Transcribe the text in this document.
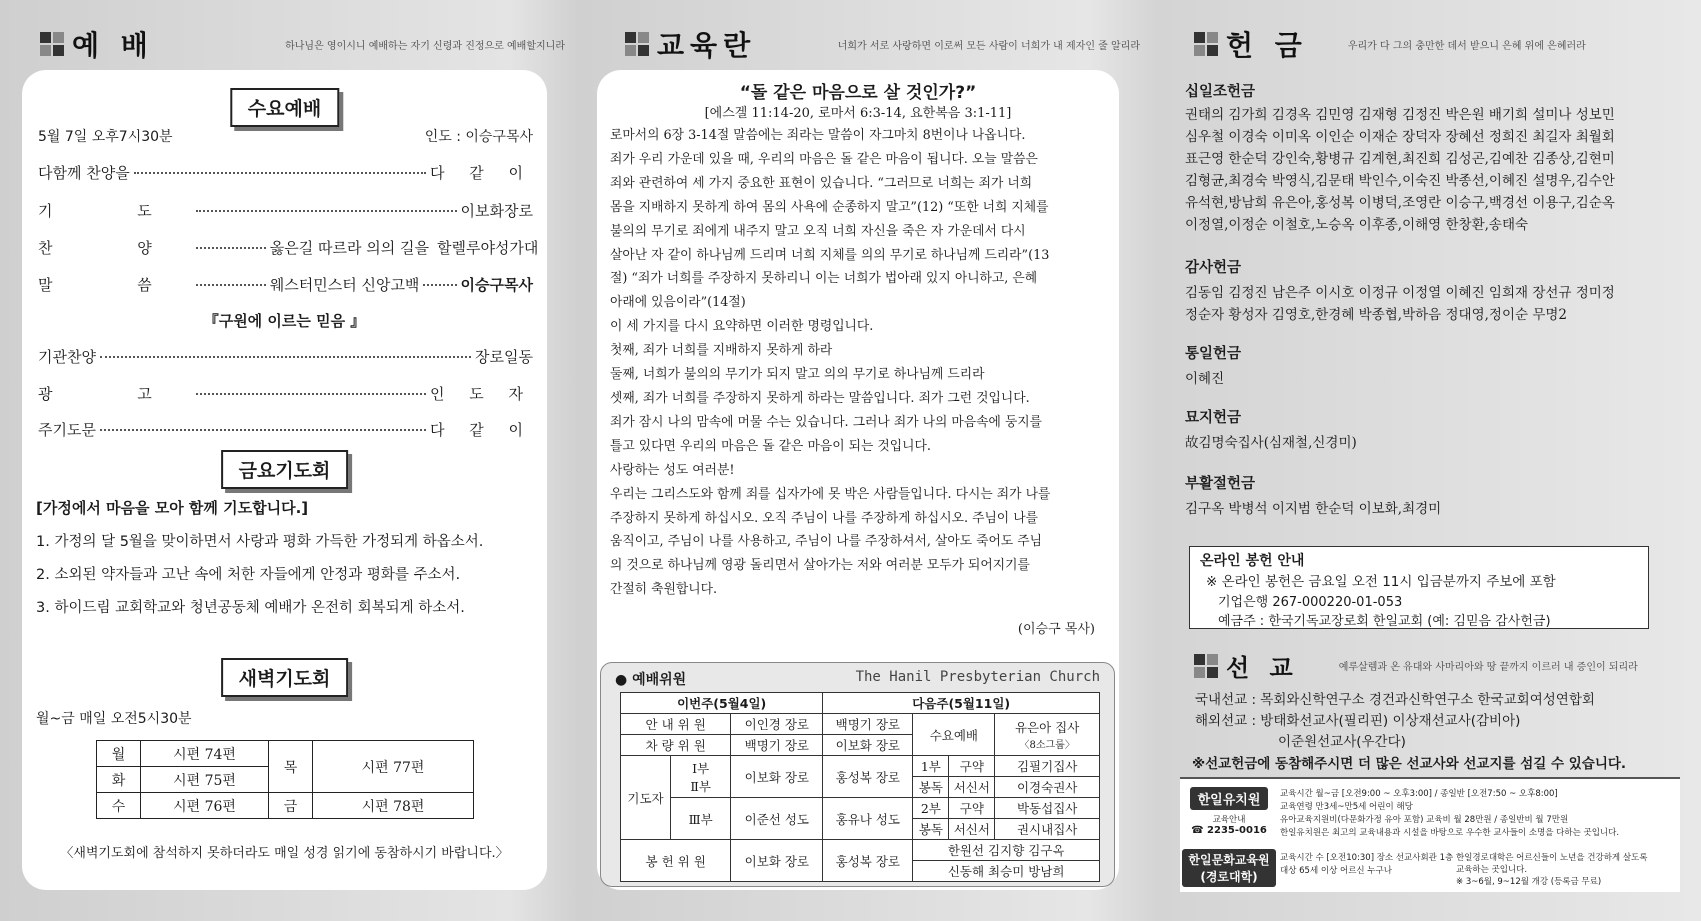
예 배	하나님은 영이시니 예배하는 자기 신령과 진정으로 예배할지니라
수요예배
5월 7일 오후7시30분	인도 : 이승구목사
다함께 찬양을	다 같 이
기 도	이보화장로
찬 양	옳은길 따르라 의의 길을 할렐루야성가대
말 씀	웨스터민스터 신앙고백	이승구목사
『구원에 이르는 믿음 』
기관찬양	장로일동
광 고	인 도 자
주기도문	다 같 이
금요기도회
[가정에서 마음을 모아 함께 기도합니다.]
1. 가정의 달 5월을 맞이하면서 사랑과 평화 가득한 가정되게 하옵소서.
2. 소외된 약자들과 고난 속에 처한 자들에게 안정과 평화를 주소서.
3. 하이드림 교회학교와 청년공동체 예배가 온전히 회복되게 하소서.
새벽기도회
월~금 매일 오전5시30분
월	시편 74편	목	시편 77편
화	시편 75편		
수	시편 76편	금	시편 78편
〈새벽기도회에 참석하지 못하더라도 매일 성경 읽기에 동참하시기 바랍니다.〉
교육란	너희가 서로 사랑하면 이로써 모든 사람이 너희가 내 제자인 줄 알리라
“돌 같은 마음으로 살 것인가?”
[에스겔 11:14-20, 로마서 6:3-14, 요한복음 3:1-11]

로마서의 6장 3-14절 말씀에는 죄라는 말씀이 자그마치 8번이나 나옵니다.

죄가 우리 가운데 있을 때, 우리의 마음은 돌 같은 마음이 됩니다. 오늘 말씀은

죄와 관련하여 세 가지 중요한 표현이 있습니다. “그러므로 너희는 죄가 너희

몸을 지배하지 못하게 하여 몸의 사욕에 순종하지 말고”(12) “또한 너희 지체를

불의의 무기로 죄에게 내주지 말고 오직 너희 자신을 죽은 자 가운데서 다시

살아난 자 같이 하나님께 드리며 너희 지체를 의의 무기로 하나님께 드리라”(13

절) “죄가 너희를 주장하지 못하리니 이는 너희가 법아래 있지 아니하고, 은혜

아래에 있음이라”(14절)

이 세 가지를 다시 요약하면 이러한 명령입니다.

첫째, 죄가 너희를 지배하지 못하게 하라

둘째, 너희가 불의의 무기가 되지 말고 의의 무기로 하나님께 드리라

셋째, 죄가 너희를 주장하지 못하게 하라는 말씀입니다. 죄가 그런 것입니다.

죄가 잠시 나의 맘속에 머물 수는 있습니다. 그러나 죄가 나의 마음속에 둥지를

틀고 있다면 우리의 마음은 돌 같은 마음이 되는 것입니다.

사랑하는 성도 여러분!

우리는 그리스도와 함께 죄를 십자가에 못 박은 사람들입니다. 다시는 죄가 나를

주장하지 못하게 하십시오. 오직 주님이 나를 주장하게 하십시오. 주님이 나를

움직이고, 주님이 나를 사용하고, 주님이 나를 주장하셔서, 살아도 죽어도 주님

의 것으로 하나님께 영광 돌리면서 살아가는 저와 여러분 모두가 되어지기를

간절히 축원합니다.

(이승구 목사)
● 예배위원	The Hanil Presbyterian Church
이번주(5월4일)			다음주(5월11일)			
안 내 위 원		이인경 장로	백명기 장로	수요예배		유은아 집사
〈8소그룹〉
차 량 위 원		백명기 장로	이보화 장로			
기도자	Ⅰ부
Ⅱ부	이보화 장로	홍성복 장로	1부	구약	김필기집사
				봉독	서신서	이경숙권사
	Ⅲ부	이준선 성도	홍유나 성도	2부	구약	박동섭집사
				봉독	서신서	권시내집사
봉 헌 위 원		이보화 장로	홍성복 장로	한원선 김지향 김구옥		
				신동해 최승미 방남희		
헌 금	우리가 다 그의 충만한 데서 받으니 은혜 위에 은혜러라
십일조헌금
권태의 김가희 김경옥 김민영 김재형 김정진 박은원 배기희 설미나 성보민
심우철 이경숙 이미옥 이인순 이재순 장덕자 장혜선 정희진 최길자 최월회
표근영 한순덕 강인숙,황병규 김계현,최진희 김성곤,김예찬 김종상,김현미
김형균,최경숙 박영식,김문태 박인수,이숙진 박종선,이혜진 설명우,김수안
유석현,방남희 유은아,홍성복 이병덕,조영란 이승구,백경선 이용구,김순옥
이정열,이정순 이철호,노승옥 이후종,이해영 한창환,송태숙
감사헌금
김동임 김정진 남은주 이시호 이정규 이정열 이혜진 임희재 장선규 정미정
정순자 황성자 김영호,한경혜 박종협,박하음 정대영,정이순 무명2
통일헌금
이혜진
묘지헌금
故김명숙집사(심재철,신경미)
부활절헌금
김구옥 박병석 이지범 한순덕 이보화,최경미
온라인 봉헌 안내
※ 온라인 봉헌은 금요일 오전 11시 입금분까지 주보에 포함
기업은행 267-000220-01-053
예금주 : 한국기독교장로회 한일교회 (예: 김믿음 감사헌금)
선 교	예루살렘과 온 유대와 사마리아와 땅 끝까지 이르러 내 증인이 되리라
국내선교 : 목회와신학연구소 경건과신학연구소 한국교회여성연합회
해외선교 : 방태화선교사(필리핀) 이상재선교사(감비아)
이준원선교사(우간다)
※선교헌금에 동참해주시면 더 많은 선교사와 선교지를 섬길 수 있습니다.
한일유치원
교육안내
☎ 2235-0016
교육시간 월~금 [오전9:00 ~ 오후3:00] / 종일반 [오전7:50 ~ 오후8:00]
교육연령 만3세~만5세 어린이 해당
유아교육지원비(다문화가정 유아 포함) 교육비 월 28만원 / 종일반비 월 7만원
한일유치원은 최고의 교육내용과 시설을 바탕으로 우수한 교사들이 소명을 다하는 곳입니다.
한일문화교육원
(경로대학)
교육시간 수 [오전10:30] 장소 선교사회관 1층
대상 65세 이상 어르신 누구나
한일경로대학은 어르신들이 노년을 건강하게 살도록
교육하는 곳입니다.
※ 3~6월, 9~12월 개강 (등록금 무료)
